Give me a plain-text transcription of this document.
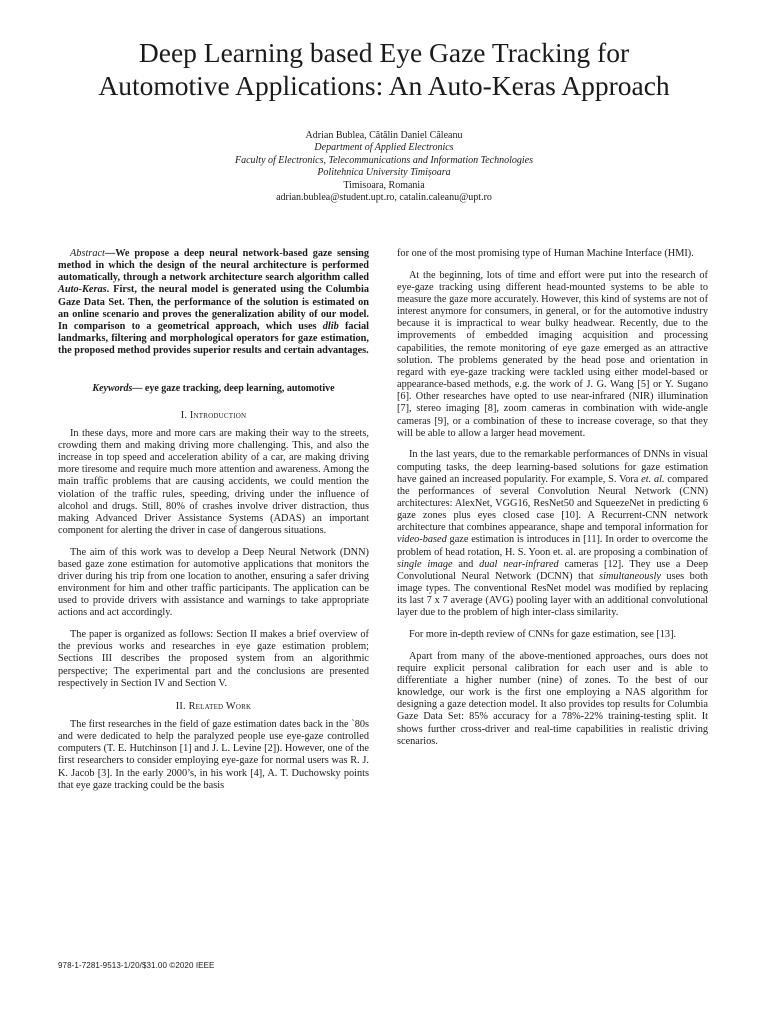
Deep Learning based Eye Gaze Tracking for
Automotive Applications: An Auto-Keras Approach
Adrian Bublea, Cătălin Daniel Căleanu
Department of Applied Electronics
Faculty of Electronics, Telecommunications and Information Technologies
Politehnica University Timișoara
Timisoara, Romania
adrian.bublea@student.upt.ro, catalin.caleanu@upt.ro

Abstract—We propose a deep neural network-based gaze sensing method in which the design of the neural architecture is performed automatically, through a network architecture search algorithm called Auto-Keras. First, the neural model is generated using the Columbia Gaze Data Set. Then, the performance of the solution is estimated on an online scenario and proves the generalization ability of our model. In comparison to a geometrical approach, which uses dlib facial landmarks, filtering and morphological operators for gaze estimation, the proposed method provides superior results and certain advantages.

Keywords— eye gaze tracking, deep learning, automotive
I. Introduction

In these days, more and more cars are making their way to the streets, crowding them and making driving more challenging. This, and also the increase in top speed and acceleration ability of a car, are making driving more tiresome and require much more attention and awareness. Among the main traffic problems that are causing accidents, we could mention the violation of the traffic rules, speeding, driving under the influence of alcohol and drugs. Still, 80% of crashes involve driver distraction, thus making Advanced Driver Assistance Systems (ADAS) an important component for alerting the driver in case of dangerous situations.

The aim of this work was to develop a Deep Neural Network (DNN) based gaze zone estimation for automotive applications that monitors the driver during his trip from one location to another, ensuring a safer driving environment for him and other traffic participants. The application can be used to provide drivers with assistance and warnings to take appropriate actions and act accordingly.

The paper is organized as follows: Section II makes a brief overview of the previous works and researches in eye gaze estimation problem; Sections III describes the proposed system from an algorithmic perspective; The experimental part and the conclusions are presented respectively in Section IV and Section V.

II. Related Work

The first researches in the field of gaze estimation dates back in the `80s and were dedicated to help the paralyzed people use eye-gaze controlled computers (T. E. Hutchinson [1] and J. L. Levine [2]). However, one of the first researchers to consider employing eye-gaze for normal users was R. J. K. Jacob [3]. In the early 2000’s, in his work [4], A. T. Duchowsky points that eye gaze tracking could be the basis

for one of the most promising type of Human Machine Interface (HMI).

At the beginning, lots of time and effort were put into the research of eye-gaze tracking using different head-mounted systems to be able to measure the gaze more accurately. However, this kind of systems are not of interest anymore for consumers, in general, or for the automotive industry because it is impractical to wear bulky headwear. Recently, due to the improvements of embedded imaging acquisition and processing capabilities, the remote monitoring of eye gaze emerged as an attractive solution. The problems generated by the head pose and orientation in regard with eye-gaze tracking were tackled using either model-based or appearance-based methods, e.g. the work of J. G. Wang [5] or Y. Sugano [6]. Other researches have opted to use near-infrared (NIR) illumination [7], stereo imaging [8], zoom cameras in combination with wide-angle cameras [9], or a combination of these to increase coverage, so that they will be able to allow a larger head movement.

In the last years, due to the remarkable performances of DNNs in visual computing tasks, the deep learning-based solutions for gaze estimation have gained an increased popularity. For example, S. Vora et. al. compared the performances of several Convolution Neural Network (CNN) architectures: AlexNet, VGG16, ResNet50 and SqueezeNet in predicting 6 gaze zones plus eyes closed case [10]. A Recurrent-CNN network architecture that combines appearance, shape and temporal information for video-based gaze estimation is introduces in [11]. In order to overcome the problem of head rotation, H. S. Yoon et. al. are proposing a combination of single image and dual near-infrared cameras [12]. They use a Deep Convolutional Neural Network (DCNN) that simultaneously uses both image types. The conventional ResNet model was modified by replacing its last 7 x 7 average (AVG) pooling layer with an additional convolutional layer due to the problem of high inter-class similarity.

For more in-depth review of CNNs for gaze estimation, see [13].

Apart from many of the above-mentioned approaches, ours does not require explicit personal calibration for each user and is able to differentiate a higher number (nine) of zones. To the best of our knowledge, our work is the first one employing a NAS algorithm for designing a gaze detection model. It also provides top results for Columbia Gaze Data Set: 85% accuracy for a 78%-22% training-testing split. It shows further cross-driver and real-time capabilities in realistic driving scenarios.

978-1-7281-9513-1/20/$31.00 ©2020 IEEE
